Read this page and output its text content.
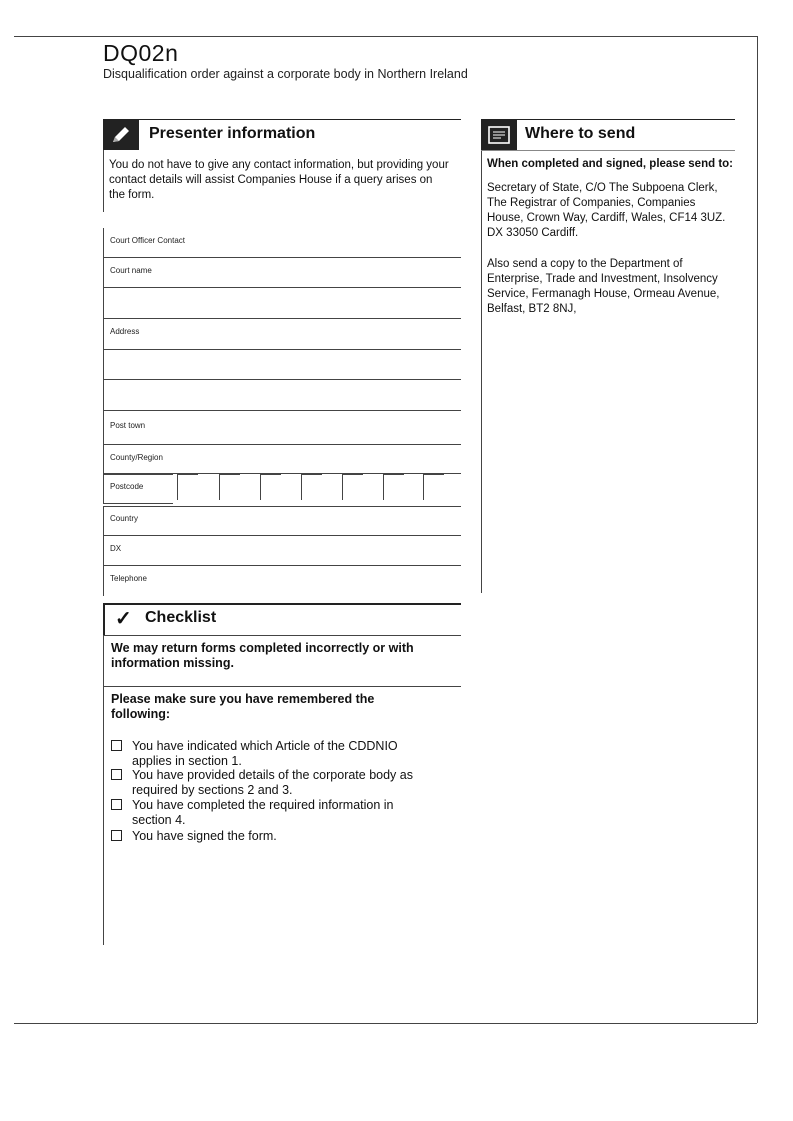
DQ02n
Disqualification order against a corporate body in Northern Ireland
Presenter information
You do not have to give any contact information, but providing your contact details will assist Companies House if a query arises on the form.
Court Officer Contact
Court name
Address
Post town
County/Region
Postcode
Country
DX
Telephone
Where to send
When completed and signed, please send to:
Secretary of State, C/O The Subpoena Clerk, The Registrar of Companies, Companies House, Crown Way, Cardiff, Wales, CF14 3UZ. DX 33050 Cardiff.
Also send a copy to the Department of Enterprise, Trade and Investment, Insolvency Service, Fermanagh House, Ormeau Avenue, Belfast, BT2 8NJ,
✓ Checklist
We may return forms completed incorrectly or with information missing.
Please make sure you have remembered the following:
You have indicated which Article of the CDDNIO applies in section 1.
You have provided details of the corporate body as required by sections 2 and 3.
You have completed the required information in section 4.
You have signed the form.
